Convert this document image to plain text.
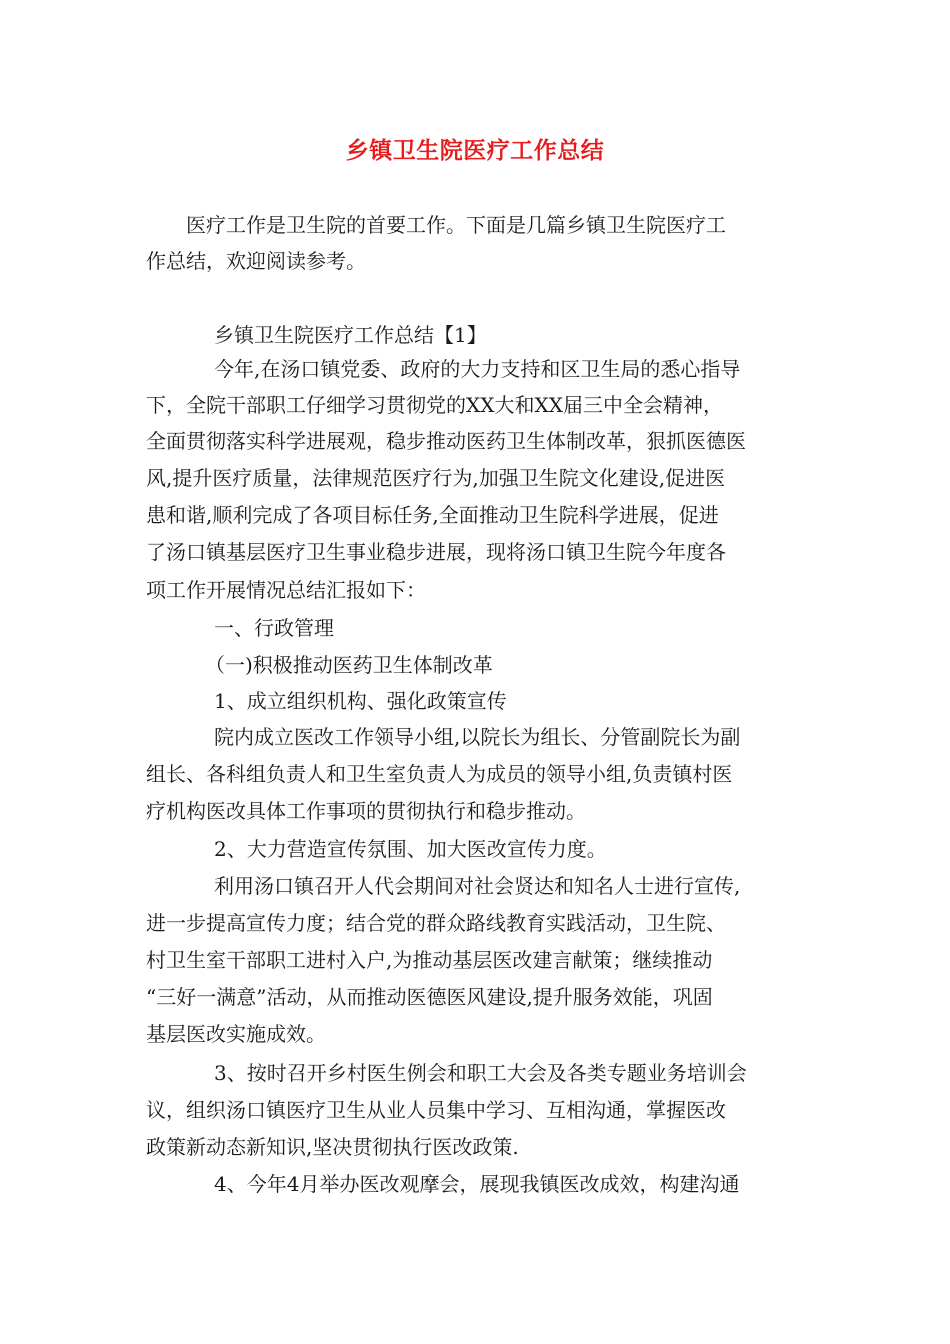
乡镇卫生院医疗工作总结
医疗工作是卫生院的首要工作。下面是几篇乡镇卫生院医疗工
作总结，欢迎阅读参考。
乡镇卫生院医疗工作总结【1】
今年,在汤口镇党委、政府的大力支持和区卫生局的悉心指导
下，全院干部职工仔细学习贯彻党的XX大和XX届三中全会精神，
全面贯彻落实科学进展观，稳步推动医药卫生体制改革，狠抓医德医
风,提升医疗质量，法律规范医疗行为,加强卫生院文化建设,促进医
患和谐,顺利完成了各项目标任务,全面推动卫生院科学进展，促进
了汤口镇基层医疗卫生事业稳步进展，现将汤口镇卫生院今年度各
项工作开展情况总结汇报如下：
一、行政管理
（一)积极推动医药卫生体制改革
1、成立组织机构、强化政策宣传
院内成立医改工作领导小组,以院长为组长、分管副院长为副
组长、各科组负责人和卫生室负责人为成员的领导小组,负责镇村医
疗机构医改具体工作事项的贯彻执行和稳步推动。
2、大力营造宣传氛围、加大医改宣传力度。
利用汤口镇召开人代会期间对社会贤达和知名人士进行宣传,
进一步提高宣传力度；结合党的群众路线教育实践活动，卫生院、
村卫生室干部职工进村入户,为推动基层医改建言献策；继续推动
“三好一满意”活动，从而推动医德医风建设,提升服务效能，巩固
基层医改实施成效。
3、按时召开乡村医生例会和职工大会及各类专题业务培训会
议，组织汤口镇医疗卫生从业人员集中学习、互相沟通，掌握医改
政策新动态新知识,坚决贯彻执行医改政策.
4、今年4月举办医改观摩会，展现我镇医改成效，构建沟通
